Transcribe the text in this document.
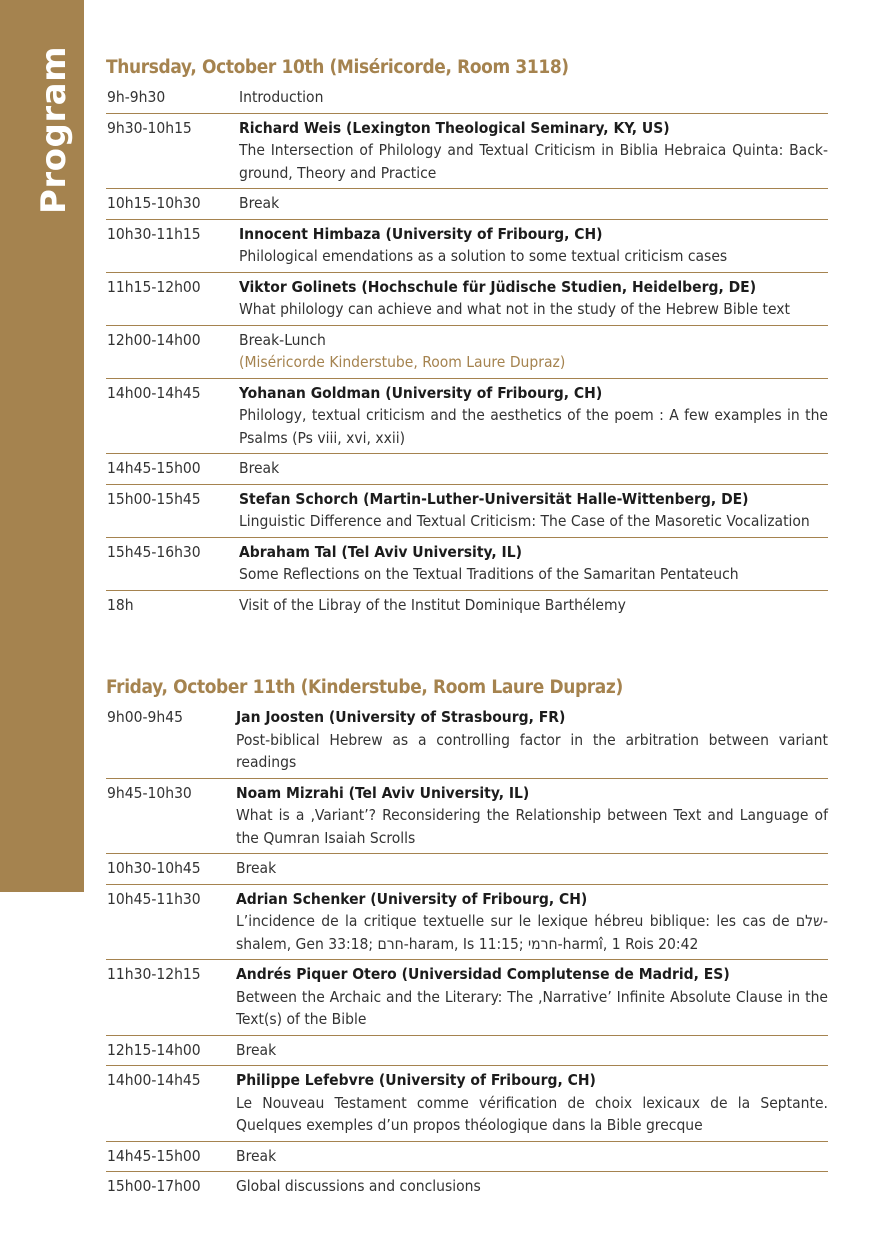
Program Thursday, October 10th (Miséricorde, Room 3118)
9h-9h30	Introduction
9h30-10h15	Richard Weis (Lexington Theological Seminary, KY, US)
The Intersection of Philology and Textual Criticism in Biblia Hebraica Quinta: Background, Theory and Practice
10h15-10h30	Break
10h30-11h15	Innocent Himbaza (University of Fribourg, CH)
Philological emendations as a solution to some textual criticism cases
11h15-12h00	Viktor Golinets (Hochschule für Jüdische Studien, Heidelberg, DE)
What philology can achieve and what not in the study of the Hebrew Bible text
12h00-14h00	Break-Lunch
(Miséricorde Kinderstube, Room Laure Dupraz)
14h00-14h45	Yohanan Goldman (University of Fribourg, CH)
Philology, textual criticism and the aesthetics of the poem : A few examples in the Psalms (Ps viii, xvi, xxii)
14h45-15h00	Break
15h00-15h45	Stefan Schorch (Martin-Luther-Universität Halle-Wittenberg, DE)
Linguistic Difference and Textual Criticism: The Case of the Masoretic Vocalization
15h45-16h30	Abraham Tal (Tel Aviv University, IL)
Some Reflections on the Textual Traditions of the Samaritan Pentateuch
18h	Visit of the Libray of the Institut Dominique Barthélemy
Friday, October 11th (Kinderstube, Room Laure Dupraz)
9h00-9h45	Jan Joosten (University of Strasbourg, FR)
Post-biblical Hebrew as a controlling factor in the arbitration between variant readings
9h45-10h30	Noam Mizrahi (Tel Aviv University, IL)
What is a ‚Variant’? Reconsidering the Relationship between Text and Language of the Qumran Isaiah Scrolls
10h30-10h45	Break
10h45-11h30	Adrian Schenker (University of Fribourg, CH)
L’incidence de la critique textuelle sur le lexique hébreu biblique: les cas de שלם-shalem, Gen 33:18; חרם-haram, Is 11:15; חרמי-harmî, 1 Rois 20:42
11h30-12h15	Andrés Piquer Otero (Universidad Complutense de Madrid, ES)
Between the Archaic and the Literary: The ‚Narrative’ Infinite Absolute Clause in the Text(s) of the Bible
12h15-14h00	Break
14h00-14h45	Philippe Lefebvre (University of Fribourg, CH)
Le Nouveau Testament comme vérification de choix lexicaux de la Septante. Quelques exemples d’un propos théologique dans la Bible grecque
14h45-15h00	Break
15h00-17h00	Global discussions and conclusions
